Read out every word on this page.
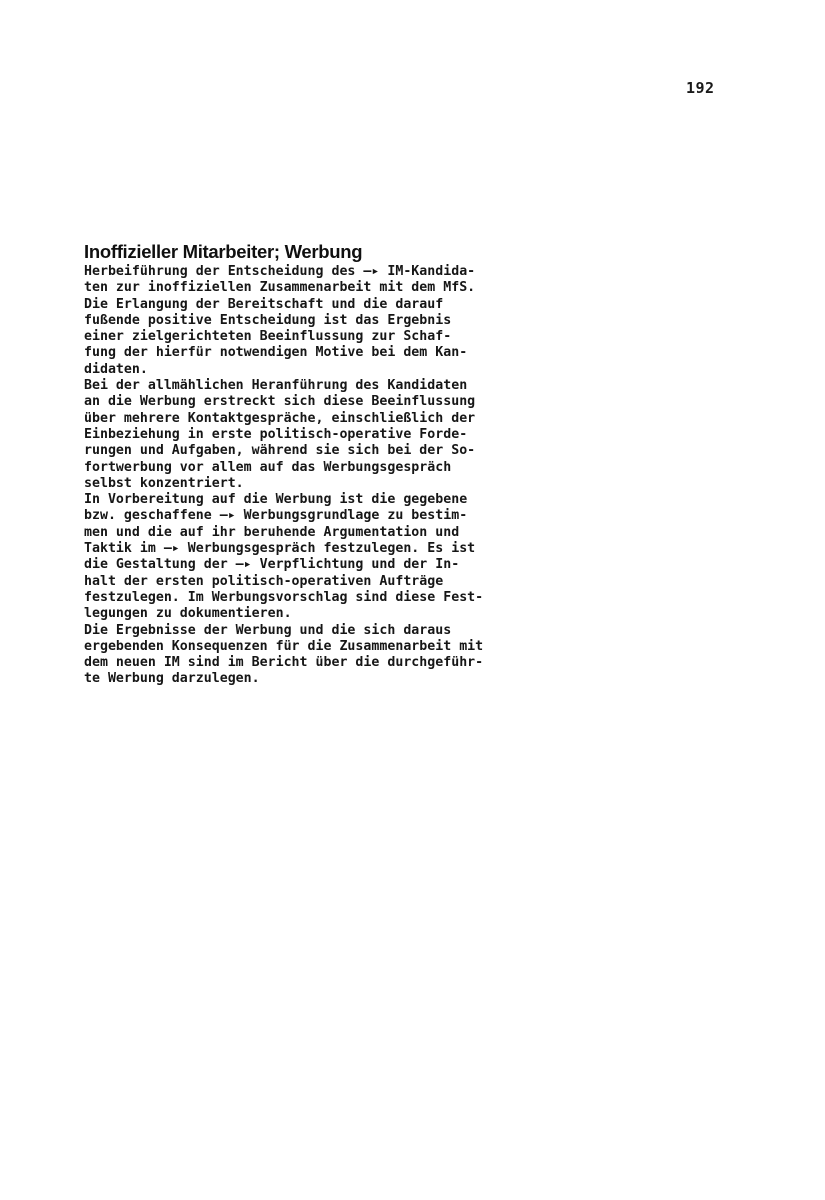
192
Inoffizieller Mitarbeiter; Werbung
Herbeiführung der Entscheidung des —▸ IM-Kandida-
ten zur inoffiziellen Zusammenarbeit mit dem MfS.
Die Erlangung der Bereitschaft und die darauf
fußende positive Entscheidung ist das Ergebnis
einer zielgerichteten Beeinflussung zur Schaf-
fung der hierfür notwendigen Motive bei dem Kan-
didaten.
Bei der allmählichen Heranführung des Kandidaten
an die Werbung erstreckt sich diese Beeinflussung
über mehrere Kontaktgespräche, einschließlich der
Einbeziehung in erste politisch-operative Forde-
rungen und Aufgaben, während sie sich bei der So-
fortwerbung vor allem auf das Werbungsgespräch
selbst konzentriert.
In Vorbereitung auf die Werbung ist die gegebene
bzw. geschaffene —▸ Werbungsgrundlage zu bestim-
men und die auf ihr beruhende Argumentation und
Taktik im —▸ Werbungsgespräch festzulegen. Es ist
die Gestaltung der —▸ Verpflichtung und der In-
halt der ersten politisch-operativen Aufträge
festzulegen. Im Werbungsvorschlag sind diese Fest-
legungen zu dokumentieren.
Die Ergebnisse der Werbung und die sich daraus
ergebenden Konsequenzen für die Zusammenarbeit mit
dem neuen IM sind im Bericht über die durchgeführ-
te Werbung darzulegen.
